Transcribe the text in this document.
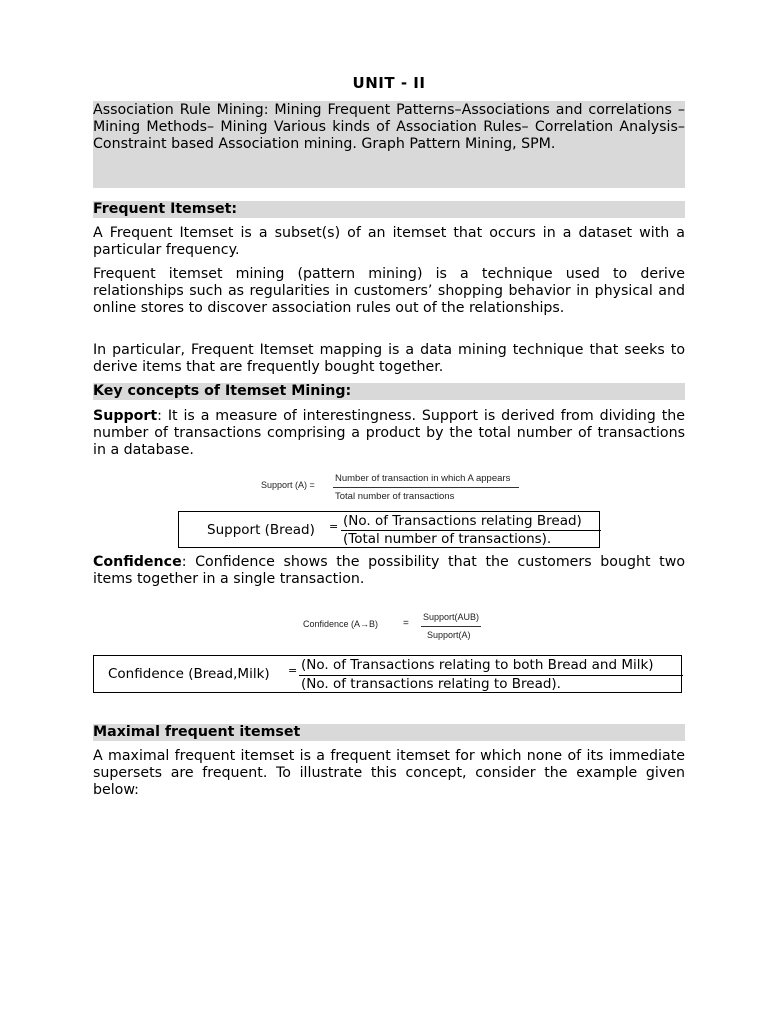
UNIT - II
Association Rule Mining: Mining Frequent Patterns–Associations and correlations – Mining Methods– Mining Various kinds of Association Rules– Correlation Analysis– Constraint based Association mining. Graph Pattern Mining, SPM.
Frequent Itemset:
A Frequent Itemset is a subset(s) of an itemset that occurs in a dataset with a particular frequency.
Frequent itemset mining (pattern mining) is a technique used to derive relationships such as regularities in customers’ shopping behavior in physical and online stores to discover association rules out of the relationships.
In particular, Frequent Itemset mapping is a data mining technique that seeks to derive items that are frequently bought together.
Key concepts of Itemset Mining:
Support: It is a measure of interestingness. Support is derived from dividing the number of transactions comprising a product by the total number of transactions in a database.
Support (A) =
Number of transaction in which A appears
Total number of transactions
Support (Bread) = (No. of Transactions relating Bread)
(Total number of transactions).
Confidence: Confidence shows the possibility that the customers bought two items together in a single transaction.
Confidence (A→B) =
Support(AUB)
Support(A)
Confidence (Bread,Milk) = (No. of Transactions relating to both Bread and Milk)
(No. of transactions relating to Bread).
Maximal frequent itemset
A maximal frequent itemset is a frequent itemset for which none of its immediate supersets are frequent. To illustrate this concept, consider the example given below:
